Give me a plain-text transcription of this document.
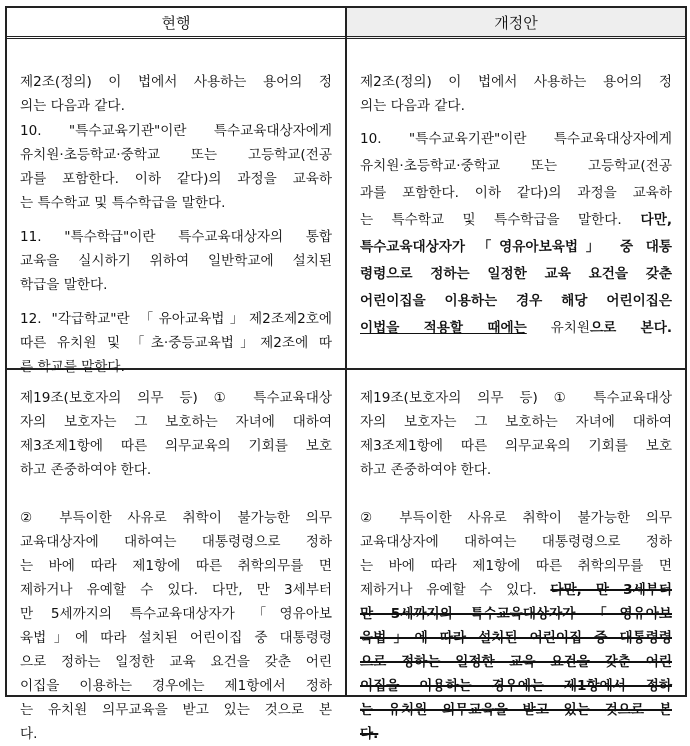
현행	개정안
제2조(정의) 이 법에서 사용하는 용어의 정
의는 다음과 같다.
10. "특수교육기관"이란 특수교육대상자에게
유치원·초등학교·중학교 또는 고등학교(전공
과를 포함한다. 이하 같다)의 과정을 교육하
는 특수학교 및 특수학급을 말한다.
11. "특수학급"이란 특수교육대상자의 통합
교육을 실시하기 위하여 일반학교에 설치된
학급을 말한다.
12. "각급학교"란 「유아교육법」제2조제2호에
따른 유치원 및 「초·중등교육법」제2조에 따
른 학교를 말한다.
제2조(정의) 이 법에서 사용하는 용어의 정
의는 다음과 같다.
10. "특수교육기관"이란 특수교육대상자에게
유치원·초등학교·중학교 또는 고등학교(전공
과를 포함한다. 이하 같다)의 과정을 교육하
는 특수학교 및 특수학급을 말한다. 다만,
특수교육대상자가 「영유아보육법」 중 대통
령령으로 정하는 일정한 교육 요건을 갖춘
어린이집을 이용하는 경우 해당 어린이집은
이법을 적용할 때에는 유치원으로 본다.
제19조(보호자의 의무 등) ① 특수교육대상
자의 보호자는 그 보호하는 자녀에 대하여
제3조제1항에 따른 의무교육의 기회를 보호
하고 존중하여야 한다.
② 부득이한 사유로 취학이 불가능한 의무
교육대상자에 대하여는 대통령령으로 정하
는 바에 따라 제1항에 따른 취학의무를 면
제하거나 유예할 수 있다. 다만, 만 3세부터
만 5세까지의 특수교육대상자가 「영유아보
육법」에 따라 설치된 어린이집 중 대통령령
으로 정하는 일정한 교육 요건을 갖춘 어린
이집을 이용하는 경우에는 제1항에서 정하
는 유치원 의무교육을 받고 있는 것으로 본
다.
제19조(보호자의 의무 등) ① 특수교육대상
자의 보호자는 그 보호하는 자녀에 대하여
제3조제1항에 따른 의무교육의 기회를 보호
하고 존중하여야 한다.
② 부득이한 사유로 취학이 불가능한 의무
교육대상자에 대하여는 대통령령으로 정하
는 바에 따라 제1항에 따른 취학의무를 면
제하거나 유예할 수 있다. 다만, 만 3세부터
만 5세까지의 특수교육대상자가 「영유아보
육법」에 따라 설치된 어린이집 중 대통령령
으로 정하는 일정한 교육 요건을 갖춘 어린
이집을 이용하는 경우에는 제1항에서 정하
는 유치원 의무교육을 받고 있는 것으로 본
다.
